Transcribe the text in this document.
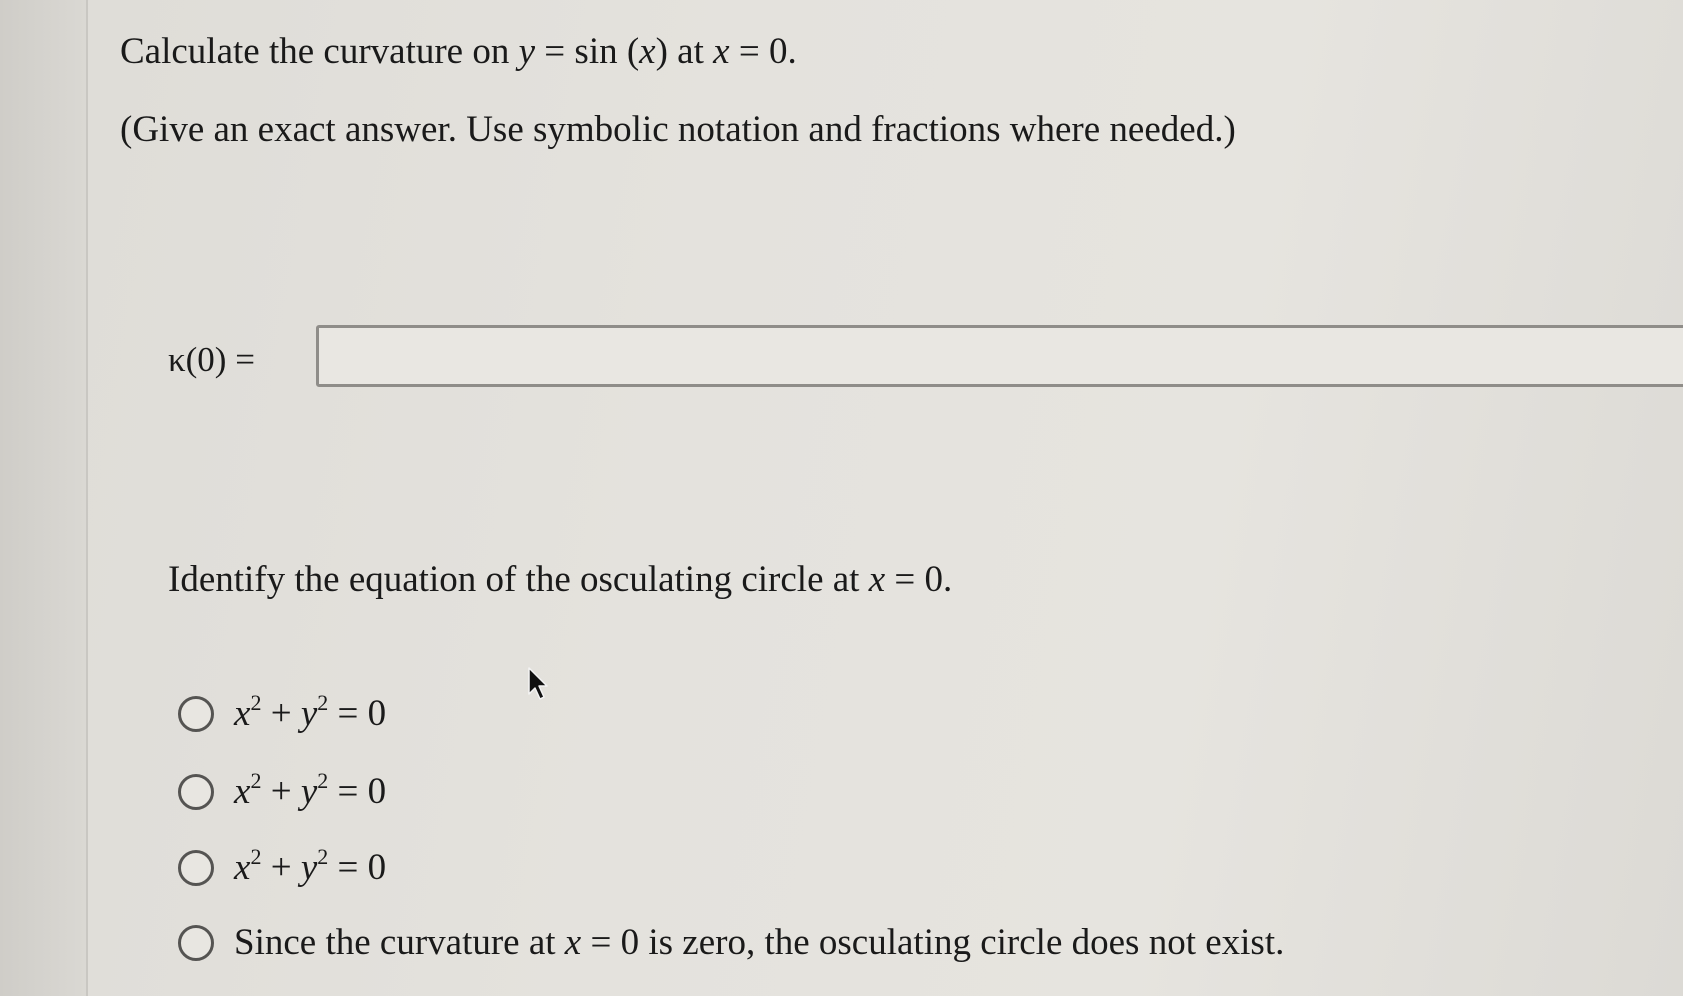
Calculate the curvature on y = sin (x) at x = 0.
(Give an exact answer. Use symbolic notation and fractions where needed.)
κ(0) =
Identify the equation of the osculating circle at x = 0.
$x^2 + y^2 = 0$
$x^2 + y^2 = 0$
$x^2 + y^2 = 0$
Since the curvature at x = 0 is zero, the osculating circle does not exist.
